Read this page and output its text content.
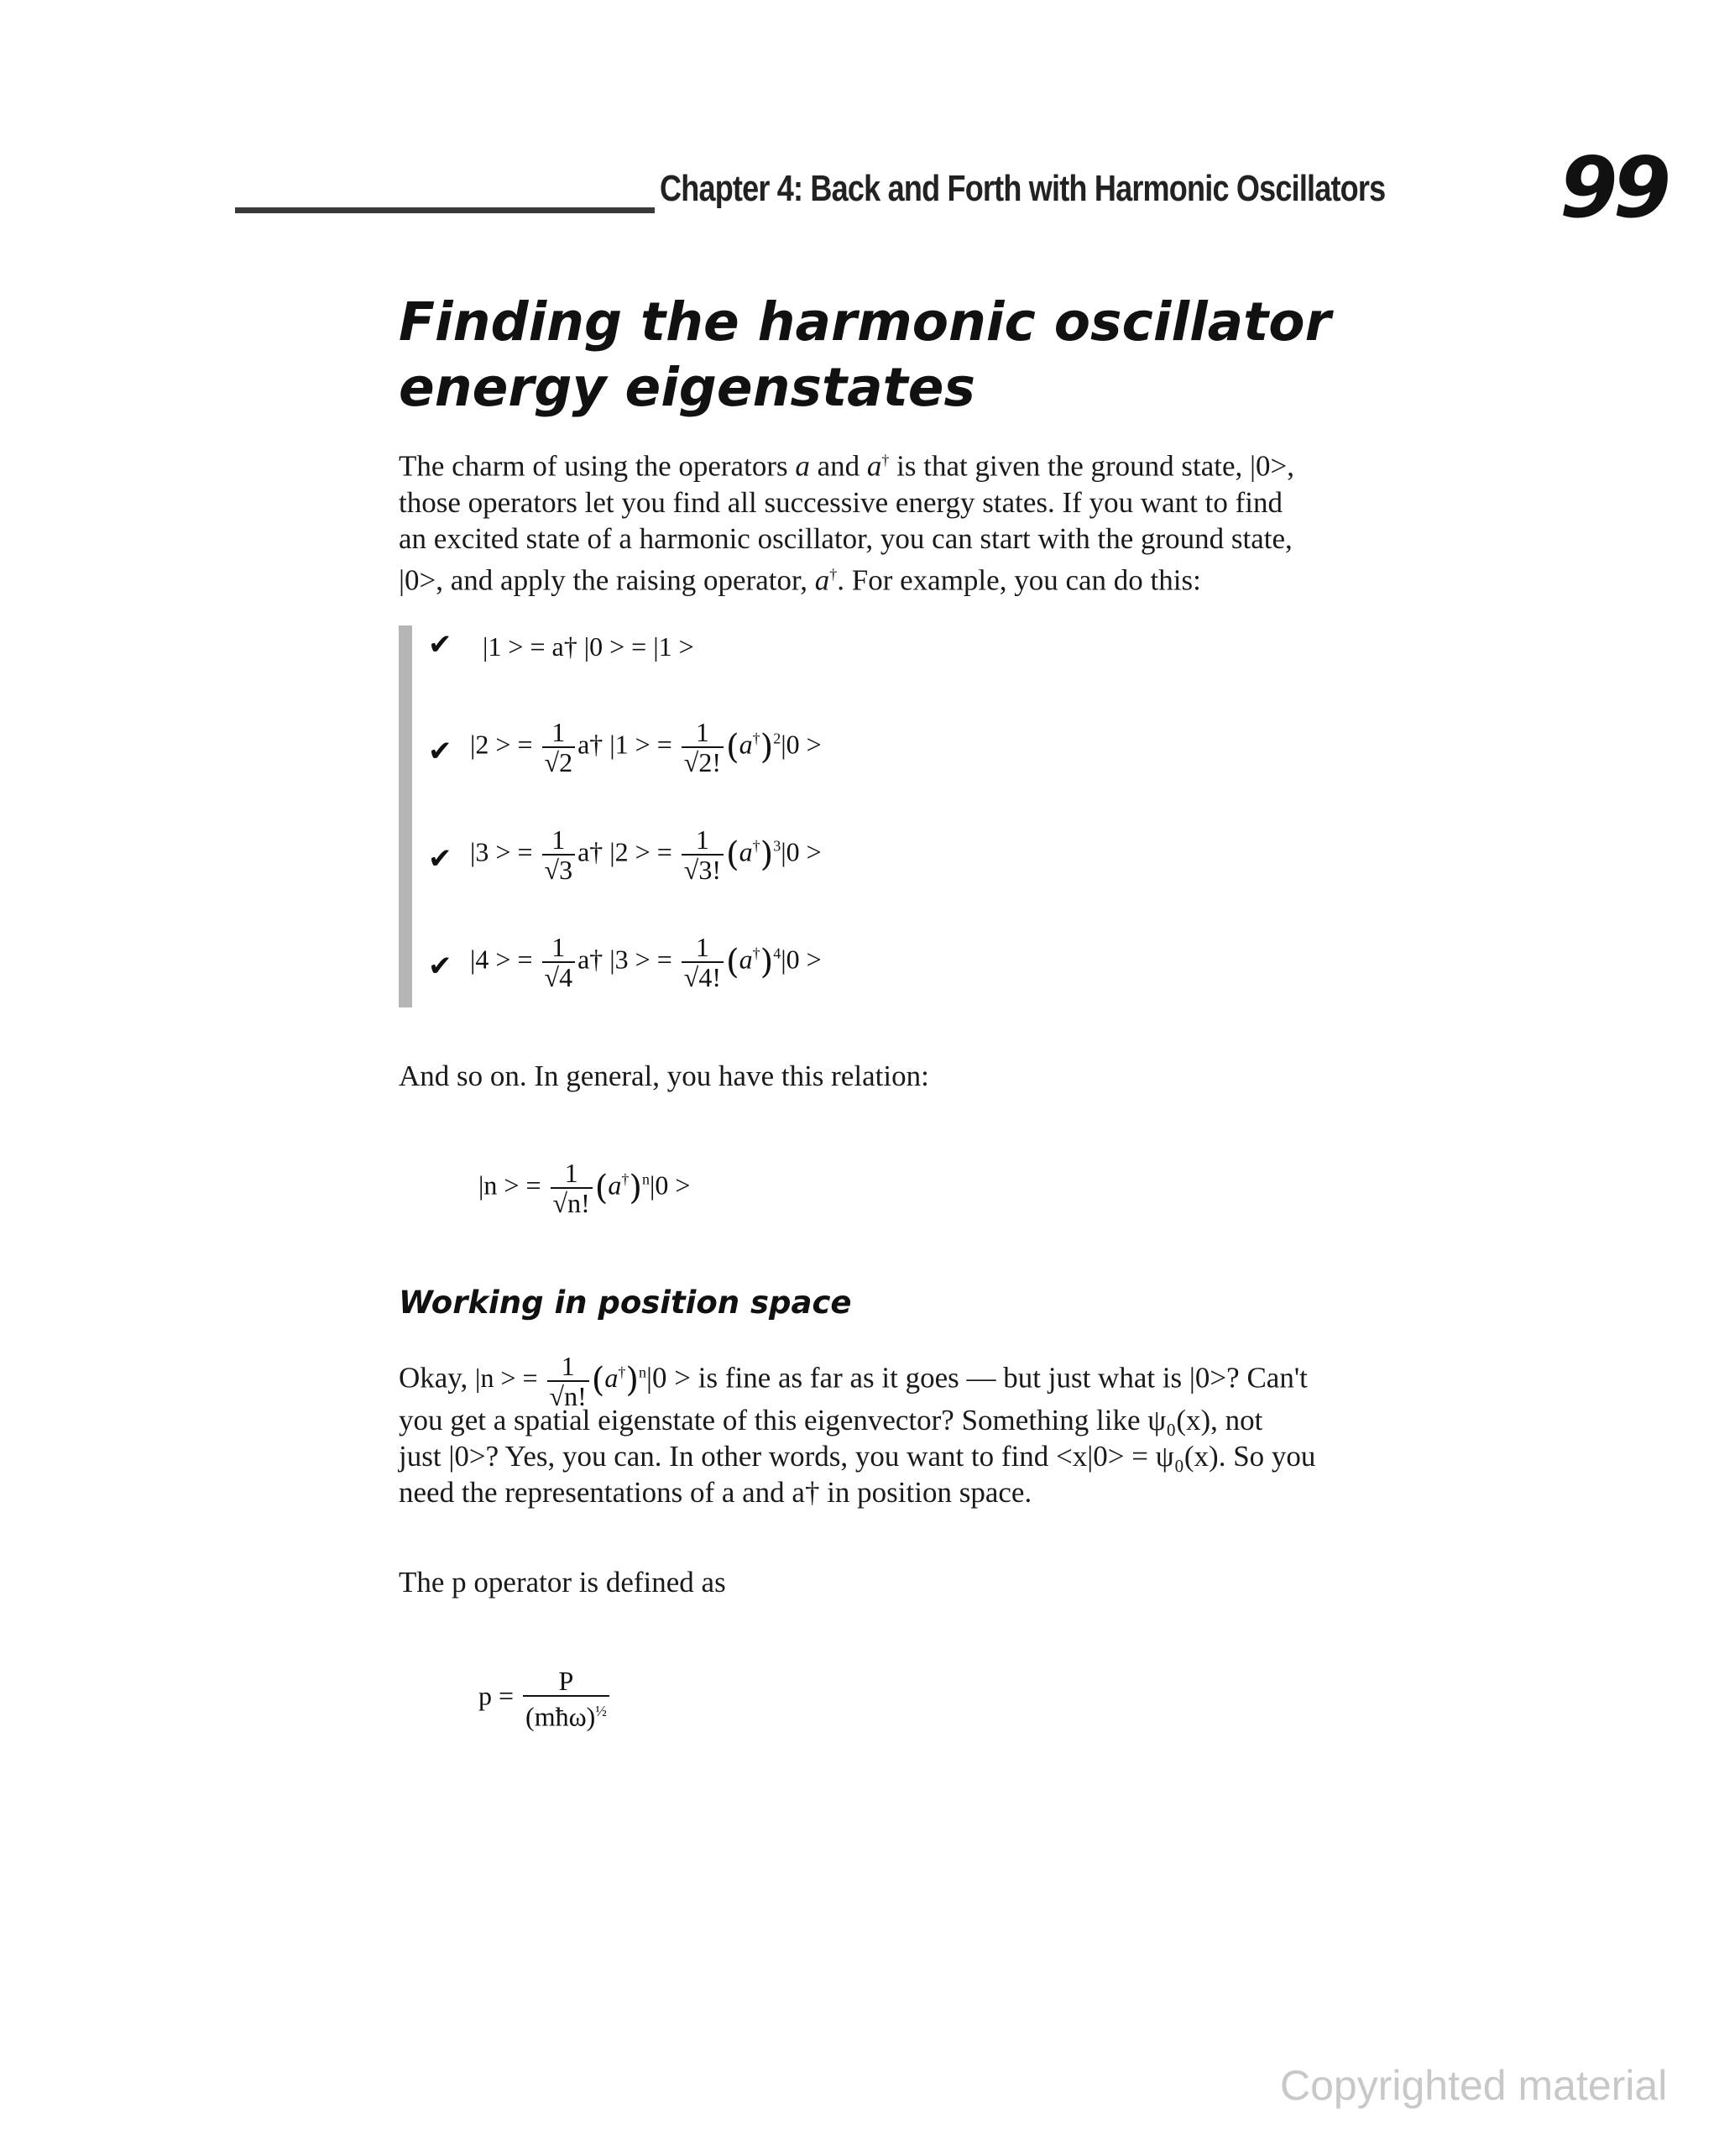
Chapter 4: Back and Forth with Harmonic Oscillators 99
Finding the harmonic oscillator
energy eigenstates
The charm of using the operators a and a† is that given the ground state, |0>,
those operators let you find all successive energy states. If you want to find
an excited state of a harmonic oscillator, you can start with the ground state,
|0>, and apply the raising operator, a†. For example, you can do this:
✔ |1 > = a† |0 > = |1 >
✔ |2 > = $\frac{1}{√2}$ a† |1 > = $\frac{1}{√2!} (a^\dagger)^2|0$ >
✔ |3 > = $\frac{1}{√3}$ a† |2 > = $\frac{1}{√3!} (a^\dagger)^3|0$ >
✔ |4 > = $\frac{1}{√4}$ a† |3 > = $\frac{1}{√4!} (a^\dagger)^4|0$ >
And so on. In general, you have this relation:
|n > = $\frac{1}{√n!} (a^\dagger)^n|0$ >
Working in position space
Okay, |n > = $\frac{1}{√n!} (a^\dagger)^n|0$ > is fine as far as it goes — but just what is |0>? Can't
you get a spatial eigenstate of this eigenvector? Something like ψ₀(x), not
just |0>? Yes, you can. In other words, you want to find <x|0> = ψ₀(x). So you
need the representations of a and a† in position space.
The p operator is defined as
$p = \frac{P}{(mħ\omega)^{\frac{1}{2}}}$
Copyrighted material
